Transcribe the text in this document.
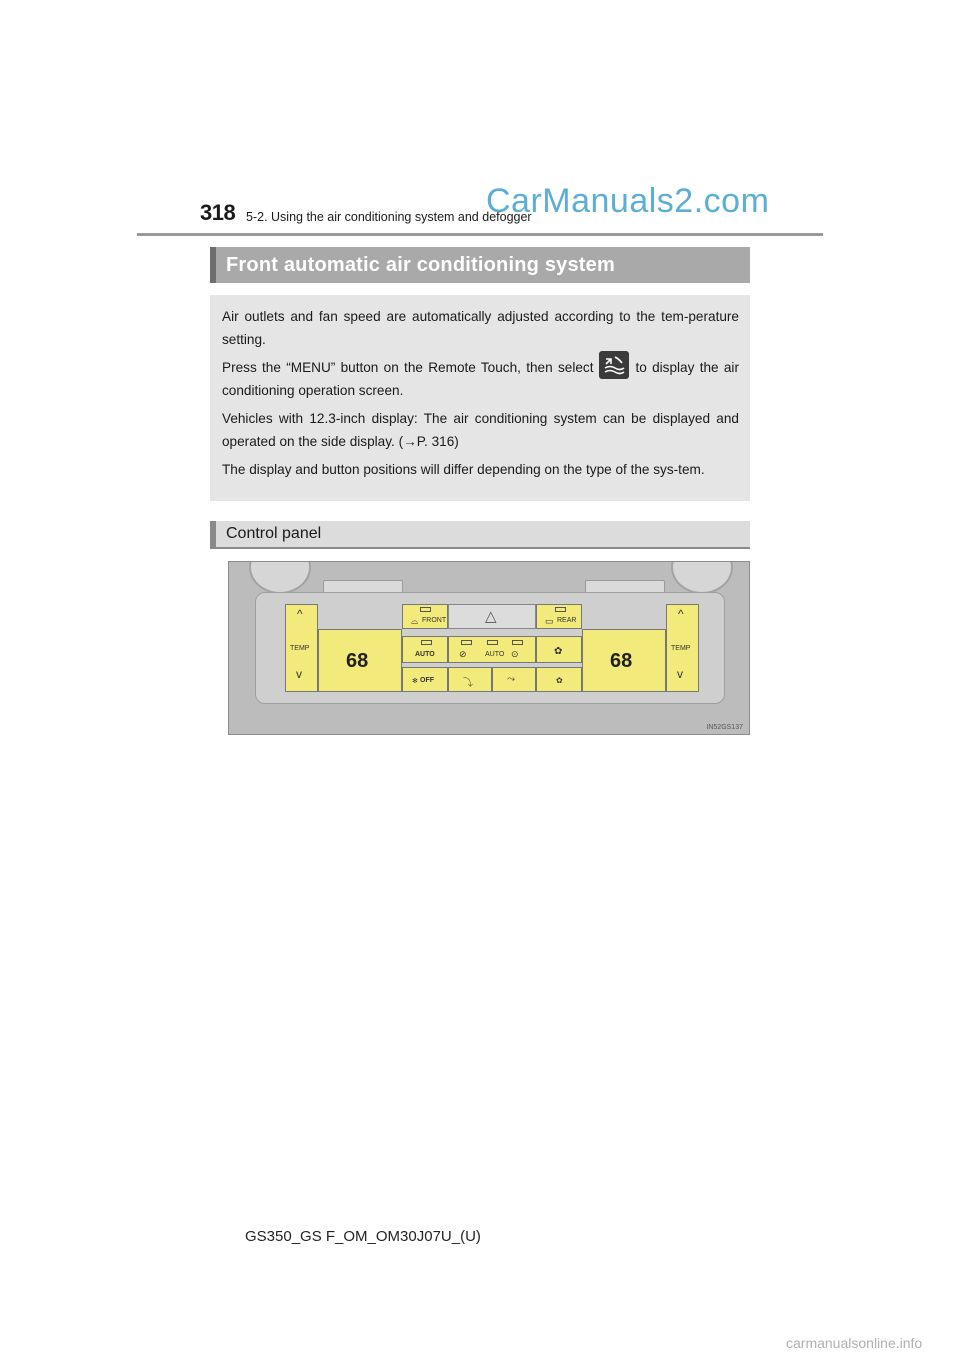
318 5-2. Using the air conditioning system and defogger
CarManuals2.com
Front automatic air conditioning system

Air outlets and fan speed are automatically adjusted according to the tem-perature setting.

Press the “MENU” button on the Remote Touch, then select	to display the air conditioning operation screen.

Vehicles with 12.3-inch display: The air conditioning system can be displayed and operated on the side display. (→P. 316)

The display and button positions will differ depending on the type of the sys-tem.

Control panel
^
TEMP
v
68
FRONT
⌓	△	REAR
▭
AUTO	⊘	AUTO ⊙	✿
✻ OFF	⤵	⤳	✿
68
^
TEMP
v
IN52GS137
GS350_GS F_OM_OM30J07U_(U)
carmanualsonline.info
